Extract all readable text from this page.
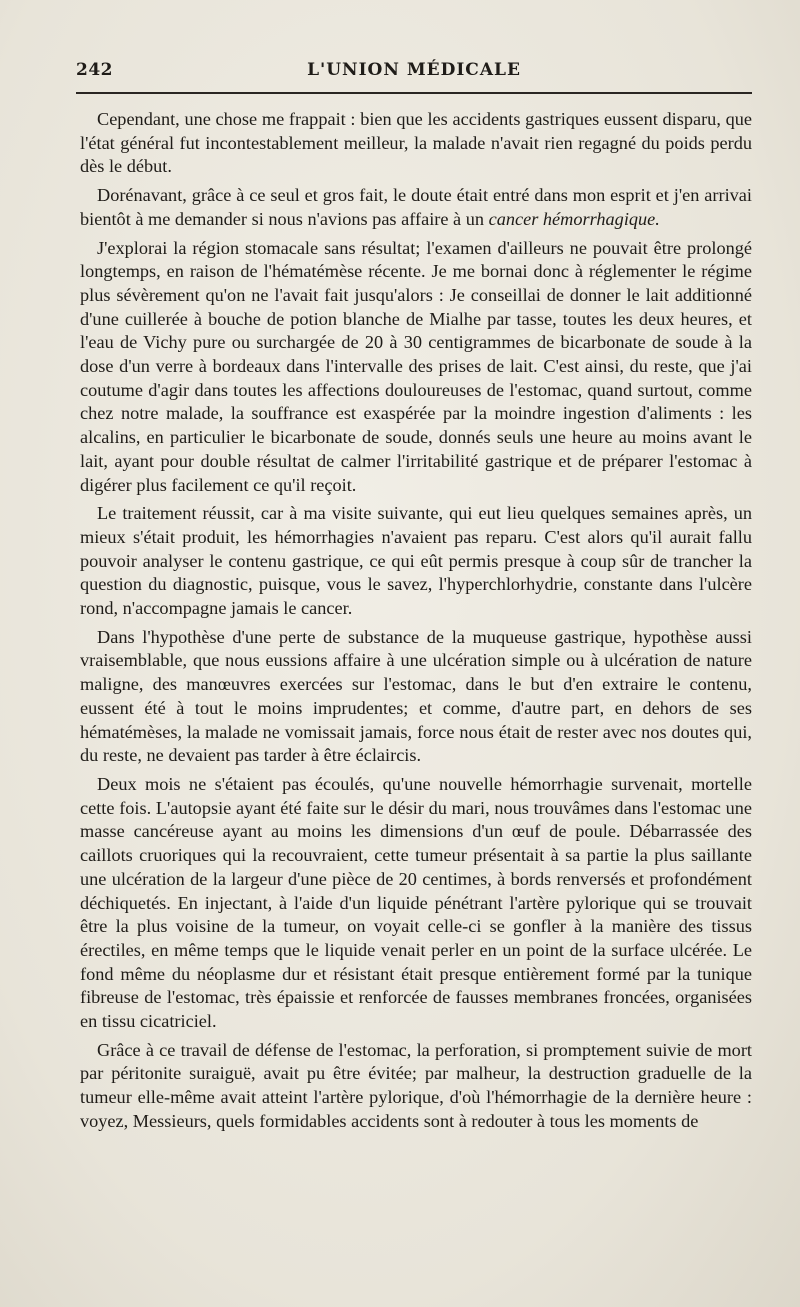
242	L'UNION MÉDICALE

Cependant, une chose me frappait : bien que les accidents gastriques eussent disparu, que l'état général fut incontestablement meilleur, la malade n'avait rien regagné du poids perdu dès le début.

Dorénavant, grâce à ce seul et gros fait, le doute était entré dans mon esprit et j'en arrivai bientôt à me demander si nous n'avions pas affaire à un cancer hémorrhagique.

J'explorai la région stomacale sans résultat; l'examen d'ailleurs ne pouvait être prolongé longtemps, en raison de l'hématémèse récente. Je me bornai donc à réglementer le régime plus sévèrement qu'on ne l'avait fait jusqu'alors : Je conseillai de donner le lait additionné d'une cuillerée à bouche de potion blanche de Mialhe par tasse, toutes les deux heures, et l'eau de Vichy pure ou surchargée de 20 à 30 centigrammes de bicarbonate de soude à la dose d'un verre à bordeaux dans l'intervalle des prises de lait. C'est ainsi, du reste, que j'ai coutume d'agir dans toutes les affections douloureuses de l'estomac, quand surtout, comme chez notre malade, la souffrance est exaspérée par la moindre ingestion d'aliments : les alcalins, en particulier le bicarbonate de soude, donnés seuls une heure au moins avant le lait, ayant pour double résultat de calmer l'irritabilité gastrique et de préparer l'estomac à digérer plus facilement ce qu'il reçoit.

Le traitement réussit, car à ma visite suivante, qui eut lieu quelques semaines après, un mieux s'était produit, les hémorrhagies n'avaient pas reparu. C'est alors qu'il aurait fallu pouvoir analyser le contenu gastrique, ce qui eût permis presque à coup sûr de trancher la question du diagnostic, puisque, vous le savez, l'hyperchlorhydrie, constante dans l'ulcère rond, n'accompagne jamais le cancer.

Dans l'hypothèse d'une perte de substance de la muqueuse gastrique, hypothèse aussi vraisemblable, que nous eussions affaire à une ulcération simple ou à ulcération de nature maligne, des manœuvres exercées sur l'estomac, dans le but d'en extraire le contenu, eussent été à tout le moins imprudentes; et comme, d'autre part, en dehors de ses hématémèses, la malade ne vomissait jamais, force nous était de rester avec nos doutes qui, du reste, ne devaient pas tarder à être éclaircis.

Deux mois ne s'étaient pas écoulés, qu'une nouvelle hémorrhagie survenait, mortelle cette fois. L'autopsie ayant été faite sur le désir du mari, nous trouvâmes dans l'estomac une masse cancéreuse ayant au moins les dimensions d'un œuf de poule. Débarrassée des caillots cruoriques qui la recouvraient, cette tumeur présentait à sa partie la plus saillante une ulcération de la largeur d'une pièce de 20 centimes, à bords renversés et profondément déchiquetés. En injectant, à l'aide d'un liquide pénétrant l'artère pylorique qui se trouvait être la plus voisine de la tumeur, on voyait celle-ci se gonfler à la manière des tissus érectiles, en même temps que le liquide venait perler en un point de la surface ulcérée. Le fond même du néoplasme dur et résistant était presque entièrement formé par la tunique fibreuse de l'estomac, très épaissie et renforcée de fausses membranes froncées, organisées en tissu cicatriciel.

Grâce à ce travail de défense de l'estomac, la perforation, si promptement suivie de mort par péritonite suraiguë, avait pu être évitée; par malheur, la destruction graduelle de la tumeur elle-même avait atteint l'artère pylorique, d'où l'hémorrhagie de la dernière heure : voyez, Messieurs, quels formidables accidents sont à redouter à tous les moments de
